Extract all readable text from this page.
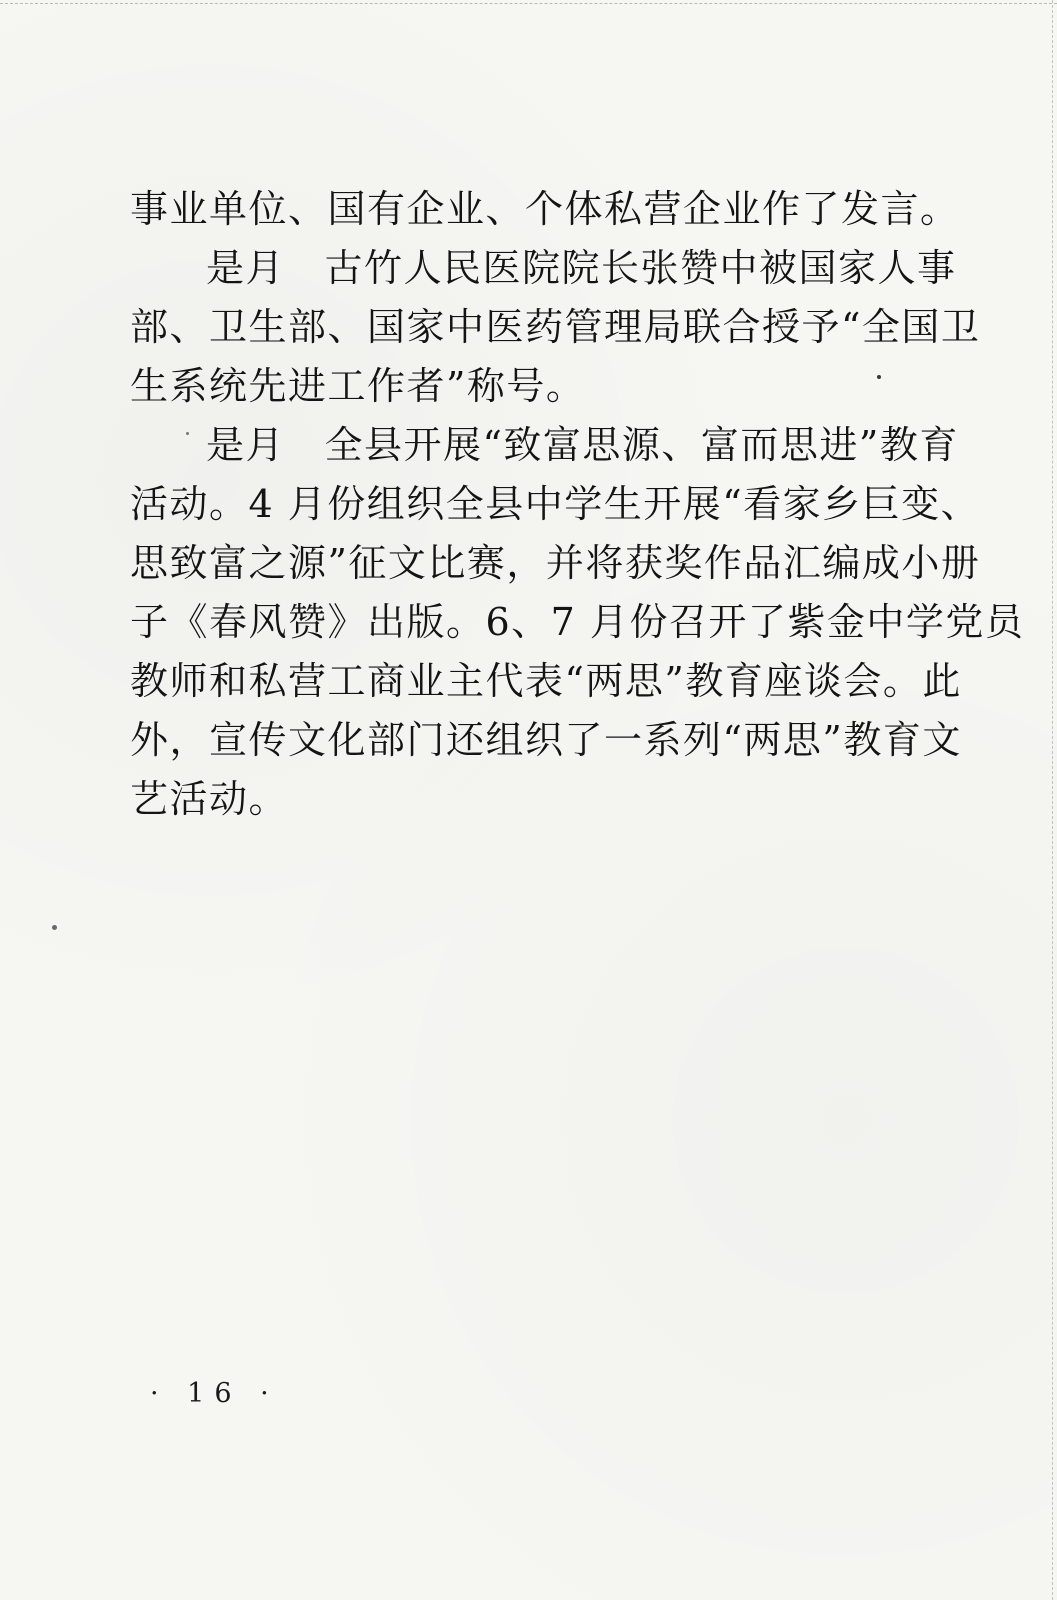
事业单位、国有企业、个体私营企业作了发言。
是月　古竹人民医院院长张赞中被国家人事
部、卫生部、国家中医药管理局联合授予“全国卫
生系统先进工作者”称号。
是月　全县开展“致富思源、富而思进”教育
活动。4 月份组织全县中学生开展“看家乡巨变、
思致富之源”征文比赛，并将获奖作品汇编成小册
子《春风赞》出版。6、7 月份召开了紫金中学党员
教师和私营工商业主代表“两思”教育座谈会。此
外，宣传文化部门还组织了一系列“两思”教育文
艺活动。
· 16 ·
